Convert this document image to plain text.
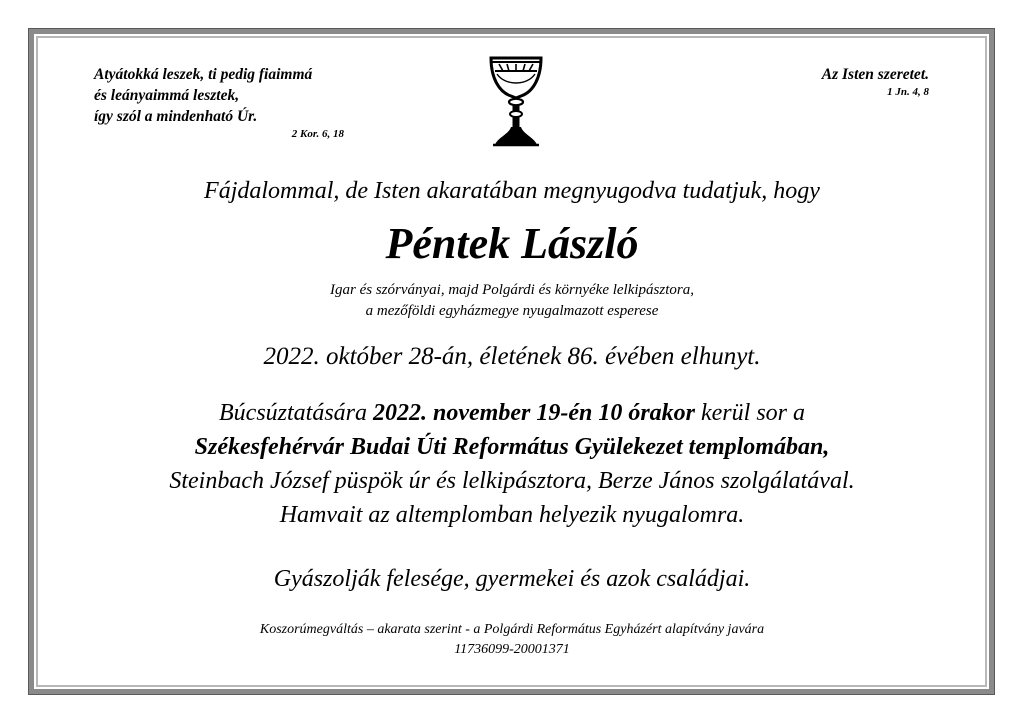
Atyátokká leszek, ti pedig fiaimmá
és leányaimmá lesztek,
így szól a mindenható Úr.
2 Kor. 6, 18
Az Isten szeretet.
1 Jn. 4, 8
Fájdalommal, de Isten akaratában megnyugodva tudatjuk, hogy
Péntek László
Igar és szórványai, majd Polgárdi és környéke lelkipásztora,
a mezőföldi egyházmegye nyugalmazott esperese
2022. október 28-án, életének 86. évében elhunyt.
Búcsúztatására 2022. november 19-én 10 órakor kerül sor a
Székesfehérvár Budai Úti Református Gyülekezet templomában,
Steinbach József püspök úr és lelkipásztora, Berze János szolgálatával.
Hamvait az altemplomban helyezik nyugalomra.
Gyászolják felesége, gyermekei és azok családjai.
Koszorúmegváltás – akarata szerint - a Polgárdi Református Egyházért alapítvány javára
11736099-20001371
